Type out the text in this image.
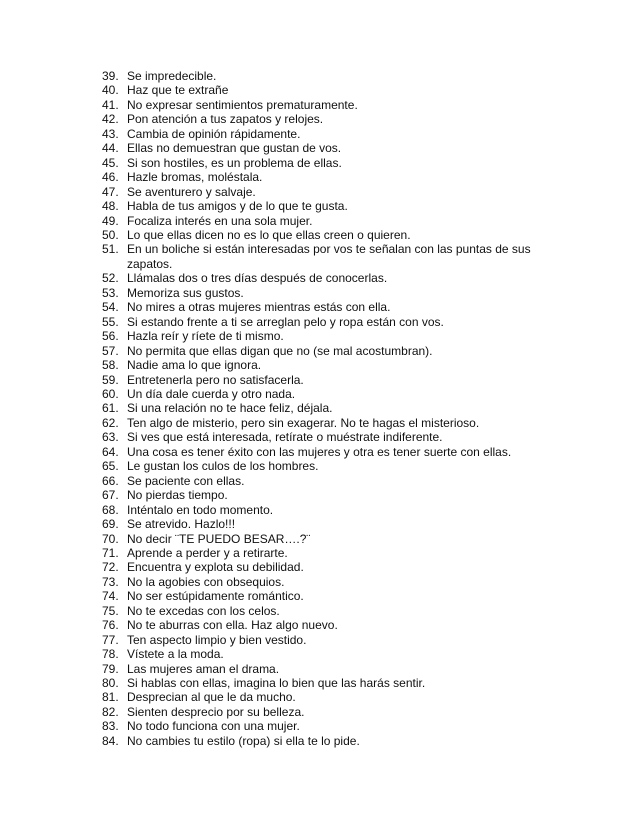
39. Se impredecible.
40. Haz que te extrañe
41. No expresar sentimientos prematuramente.
42. Pon atención a tus zapatos y relojes.
43. Cambia de opinión rápidamente.
44. Ellas no demuestran que gustan de vos.
45. Si son hostiles, es un problema de ellas.
46. Hazle bromas, moléstala.
47. Se aventurero y salvaje.
48. Habla de tus amigos y de lo que te gusta.
49. Focaliza interés en una sola mujer.
50. Lo que ellas dicen no es lo que ellas creen o quieren.
51. En un boliche si están interesadas por vos te señalan con las puntas de sus zapatos.
52. Llámalas dos o tres días después de conocerlas.
53. Memoriza sus gustos.
54. No mires a otras mujeres mientras estás con ella.
55. Si estando frente a ti se arreglan pelo y ropa están con vos.
56. Hazla reír y ríete de ti mismo.
57. No permita que ellas digan que no (se mal acostumbran).
58. Nadie ama lo que ignora.
59. Entretenerla pero no satisfacerla.
60. Un día dale cuerda y otro nada.
61. Si una relación no te hace feliz, déjala.
62. Ten algo de misterio, pero sin exagerar. No te hagas el misterioso.
63. Si ves que está interesada, retírate o muéstrate indiferente.
64. Una cosa es tener éxito con las mujeres y otra es tener suerte con ellas.
65. Le gustan los culos de los hombres.
66. Se paciente con ellas.
67. No pierdas tiempo.
68. Inténtalo en todo momento.
69. Se atrevido. Hazlo!!!
70. No decir ¨TE PUEDO BESAR….?¨
71. Aprende a perder y a retirarte.
72. Encuentra y explota su debilidad.
73. No la agobies con obsequios.
74. No ser estúpidamente romántico.
75. No te excedas con los celos.
76. No te aburras con ella. Haz algo nuevo.
77. Ten aspecto limpio y bien vestido.
78. Vístete a la moda.
79. Las mujeres aman el drama.
80. Si hablas con ellas, imagina lo bien que las harás sentir.
81. Desprecian al que le da mucho.
82. Sienten desprecio por su belleza.
83. No todo funciona con una mujer.
84. No cambies tu estilo (ropa) si ella te lo pide.
